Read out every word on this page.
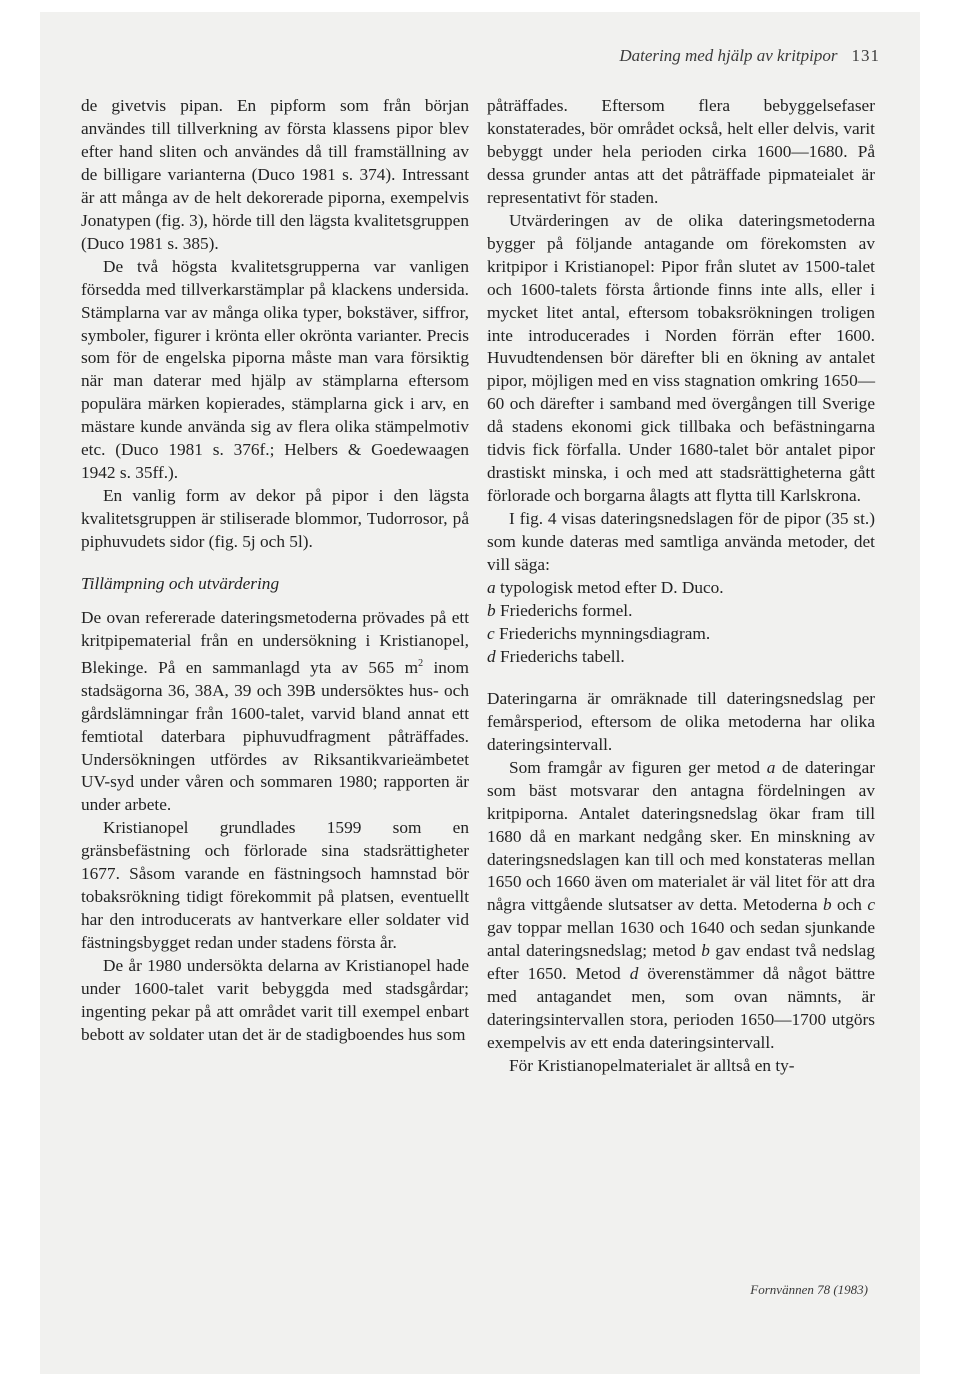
Datering med hjälp av kritpipor 131

de givetvis pipan. En pipform som från början användes till tillverkning av första klassens pipor blev efter hand sliten och användes då till framställning av de billigare varianterna (Duco 1981 s. 374). Intressant är att många av de helt dekorerade piporna, exempelvis Jonatypen (fig. 3), hörde till den lägsta kvalitetsgruppen (Duco 1981 s. 385).

De två högsta kvalitetsgrupperna var vanligen försedda med tillverkarstämplar på klackens undersida. Stämplarna var av många olika typer, bokstäver, siffror, symboler, figurer i krönta eller okrönta varianter. Precis som för de engelska piporna måste man vara försiktig när man daterar med hjälp av stämplarna eftersom populära märken kopierades, stämplarna gick i arv, en mästare kunde använda sig av flera olika stämpelmotiv etc. (Duco 1981 s. 376f.; Helbers & Goedewaagen 1942 s. 35ff.).

En vanlig form av dekor på pipor i den lägsta kvalitetsgruppen är stiliserade blommor, Tudorrosor, på piphuvudets sidor (fig. 5j och 5l).

Tillämpning och utvärdering

De ovan refererade dateringsmetoderna prövades på ett kritpipematerial från en undersökning i Kristianopel, Blekinge. På en sammanlagd yta av 565 $m^2$ inom stadsägorna 36, 38A, 39 och 39B undersöktes hus- och gårdslämningar från 1600-talet, varvid bland annat ett femtiotal daterbara piphuvudfragment påträffades. Undersökningen utfördes av Riksantikvarieämbetet UV-syd under våren och sommaren 1980; rapporten är under arbete.

Kristianopel grundlades 1599 som en gränsbefästning och förlorade sina stadsrättigheter 1677. Såsom varande en fästningsoch hamnstad bör tobaksrökning tidigt förekommit på platsen, eventuellt har den introducerats av hantverkare eller soldater vid fästningsbygget redan under stadens första år.

De år 1980 undersökta delarna av Kristianopel hade under 1600-talet varit bebyggda med stadsgårdar; ingenting pekar på att området varit till exempel enbart bebott av soldater utan det är de stadigboendes hus som

påträffades. Eftersom flera bebyggelsefaser konstaterades, bör området också, helt eller delvis, varit bebyggt under hela perioden cirka 1600—1680. På dessa grunder antas att det påträffade pipmateialet är representativt för staden.

Utvärderingen av de olika dateringsmetoderna bygger på följande antagande om förekomsten av kritpipor i Kristianopel: Pipor från slutet av 1500-talet och 1600-talets första årtionde finns inte alls, eller i mycket litet antal, eftersom tobaksrökningen troligen inte introducerades i Norden förrän efter 1600. Huvudtendensen bör därefter bli en ökning av antalet pipor, möjligen med en viss stagnation omkring 1650—60 och därefter i samband med övergången till Sverige då stadens ekonomi gick tillbaka och befästningarna tidvis fick förfalla. Under 1680-talet bör antalet pipor drastiskt minska, i och med att stadsrättigheterna gått förlorade och borgarna ålagts att flytta till Karlskrona.

I fig. 4 visas dateringsnedslagen för de pipor (35 st.) som kunde dateras med samtliga använda metoder, det vill säga:

a typologisk metod efter D. Duco.

b Friederichs formel.

c Friederichs mynningsdiagram.

d Friederichs tabell.

Dateringarna är omräknade till dateringsnedslag per femårsperiod, eftersom de olika metoderna har olika dateringsintervall.

Som framgår av figuren ger metod a de dateringar som bäst motsvarar den antagna fördelningen av kritpiporna. Antalet dateringsnedslag ökar fram till 1680 då en markant nedgång sker. En minskning av dateringsnedslagen kan till och med konstateras mellan 1650 och 1660 även om materialet är väl litet för att dra några vittgående slutsatser av detta. Metoderna b och c gav toppar mellan 1630 och 1640 och sedan sjunkande antal dateringsnedslag; metod b gav endast två nedslag efter 1650. Metod d överenstämmer då något bättre med antagandet men, som ovan nämnts, är dateringsintervallen stora, perioden 1650—1700 utgörs exempelvis av ett enda dateringsintervall.

För Kristianopelmaterialet är alltså en ty-

Fornvännen 78 (1983)
